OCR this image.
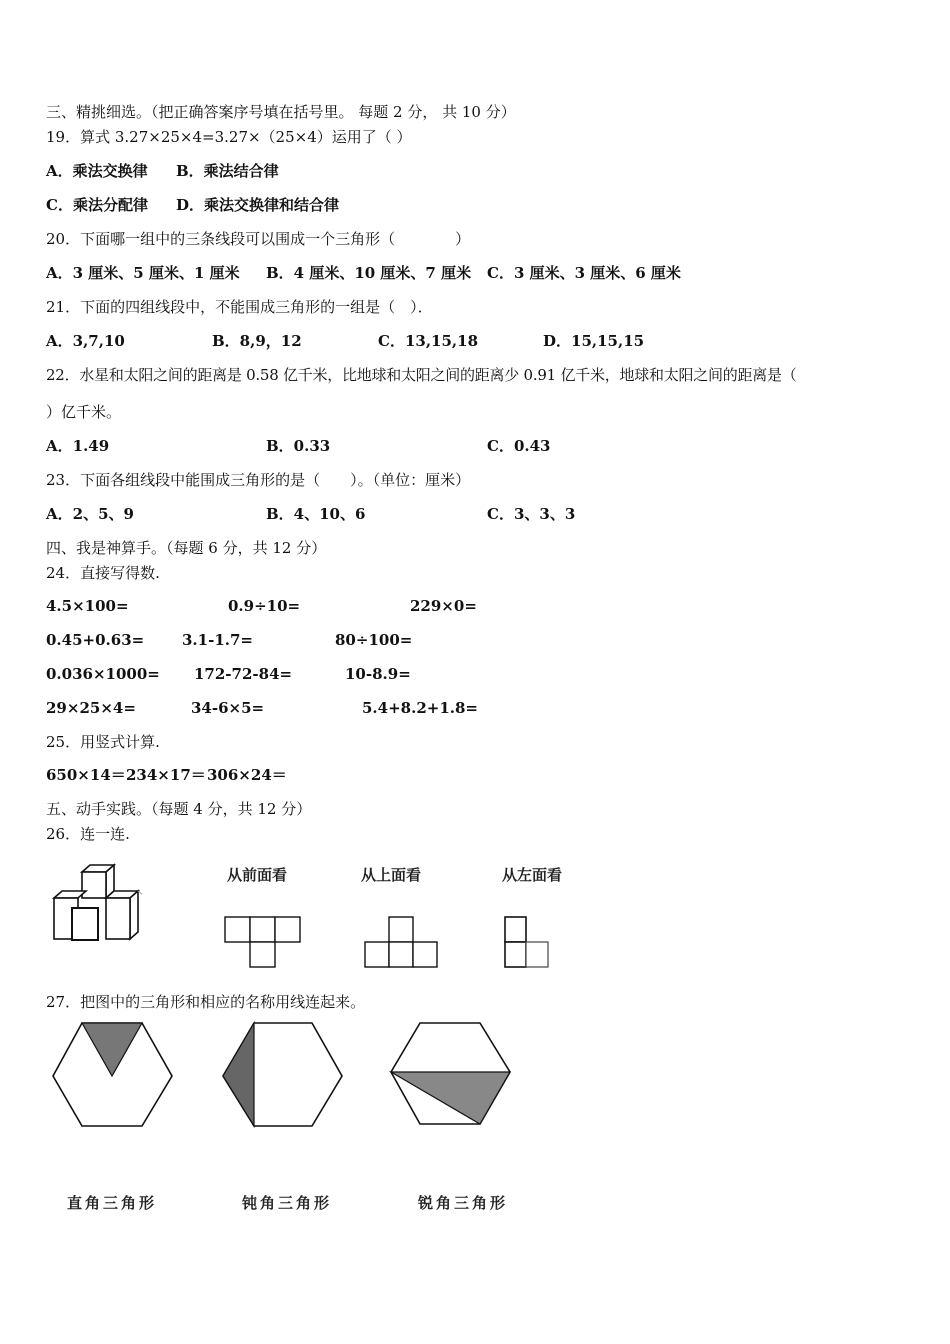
三、精挑细选。（把正确答案序号填在括号里。 每题 2 分， 共 10 分）
19．算式 3.27×25×4=3.27×（25×4）运用了（ ）
A．乘法交换律 B．乘法结合律
C．乘法分配律 D．乘法交换律和结合律
20．下面哪一组中的三条线段可以围成一个三角形（　　　　）
A．3 厘米、5 厘米、1 厘米 B．4 厘米、10 厘米、7 厘米 C．3 厘米、3 厘米、6 厘米
21．下面的四组线段中，不能围成三角形的一组是（　）．
A．3,7,10	B．8,9，12	C．13,15,18	D．15,15,15
22．水星和太阳之间的距离是 0.58 亿千米，比地球和太阳之间的距离少 0.91 亿千米，地球和太阳之间的距离是（
）亿千米。
A．1.49	B．0.33	C．0.43
23．下面各组线段中能围成三角形的是（　　）。（单位：厘米）
A．2、5、9	B．4、10、6	C．3、3、3
四、我是神算手。（每题 6 分，共 12 分）
24．直接写得数.
4.5×100=	0.9÷10=	229×0=
0.45+0.63=	3.1-1.7=	80÷100=
0.036×1000= 172-72-84=	10-8.9=
29×25×4=	34-6×5=	5.4+8.2+1.8=
25．用竖式计算.
650×14＝ 234×17＝ 306×24＝
五、动手实践。（每题 4 分，共 12 分）
26．连一连.
从前面看	从上面看	从左面看
27．把图中的三角形和相应的名称用线连起来。
直角三角形	钝角三角形	锐角三角形
